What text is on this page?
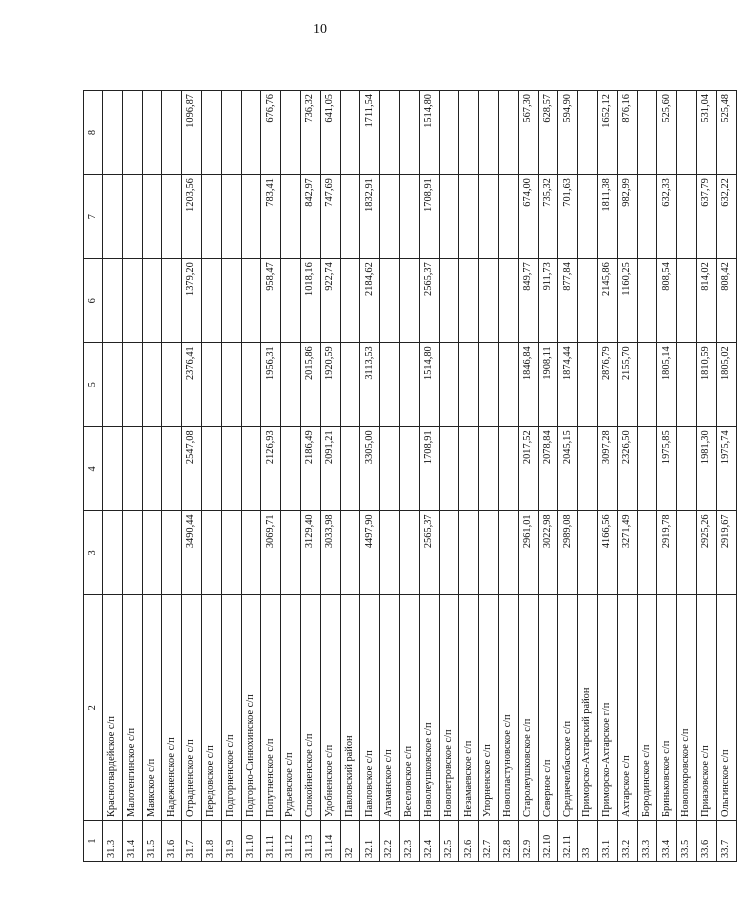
10
1	2	3	4	5	6	7	8
31.3	Красногвардейское с/п						
31.4	Малотенгинское с/п						
31.5	Маякское с/п						
31.6	Надежненское с/п						
31.7	Отрадненское с/п	3490,44	2547,08	2376,41	1379,20	1203,56	1096,87
31.8	Передовское с/п						
31.9	Подгорненское с/п						
31.10	Подгорно-Синюхинское с/п						
31.11	Попутненское с/п	3069,71	2126,93	1956,31	958,47	783,41	676,76
31.12	Рудьевское с/п						
31.13	Спокойненское с/п	3129,40	2186,49	2015,86	1018,16	842,97	736,32
31.14	Удобненское с/п	3033,98	2091,21	1920,59	922,74	747,69	641,05
32	Павловский район						
32.1	Павловское с/п	4497,90	3305,00	3113,53	2184,62	1832,91	1711,54
32.2	Атаманское с/п						
32.3	Веселовское с/п						
32.4	Новолеушковское с/п	2565,37	1708,91	1514,80	2565,37	1708,91	1514,80
32.5	Новопетровское с/п						
32.6	Незамаевское с/п						
32.7	Упорненское с/п						
32.8	Новопластуновское с/п						
32.9	Старолеушковское с/п	2961,01	2017,52	1846,84	849,77	674,00	567,30
32.10	Северное с/п	3022,98	2078,84	1908,11	911,73	735,32	628,57
32.11	Среднечелбасское с/п	2989,08	2045,15	1874,44	877,84	701,63	594,90
33	Приморско-Ахтарский район						
33.1	Приморско-Ахтарское г/п	4166,56	3097,28	2876,79	2145,86	1811,38	1652,12
33.2	Ахтарское с/п	3271,49	2326,50	2155,70	1160,25	982,99	876,16
33.3	Бородинское с/п						
33.4	Бриньковское с/п	2919,78	1975,85	1805,14	808,54	632,33	525,60
33.5	Новопокровское с/п						
33.6	Приазовское с/п	2925,26	1981,30	1810,59	814,02	637,79	531,04
33.7	Ольгинское с/п	2919,67	1975,74	1805,02	808,42	632,22	525,48
